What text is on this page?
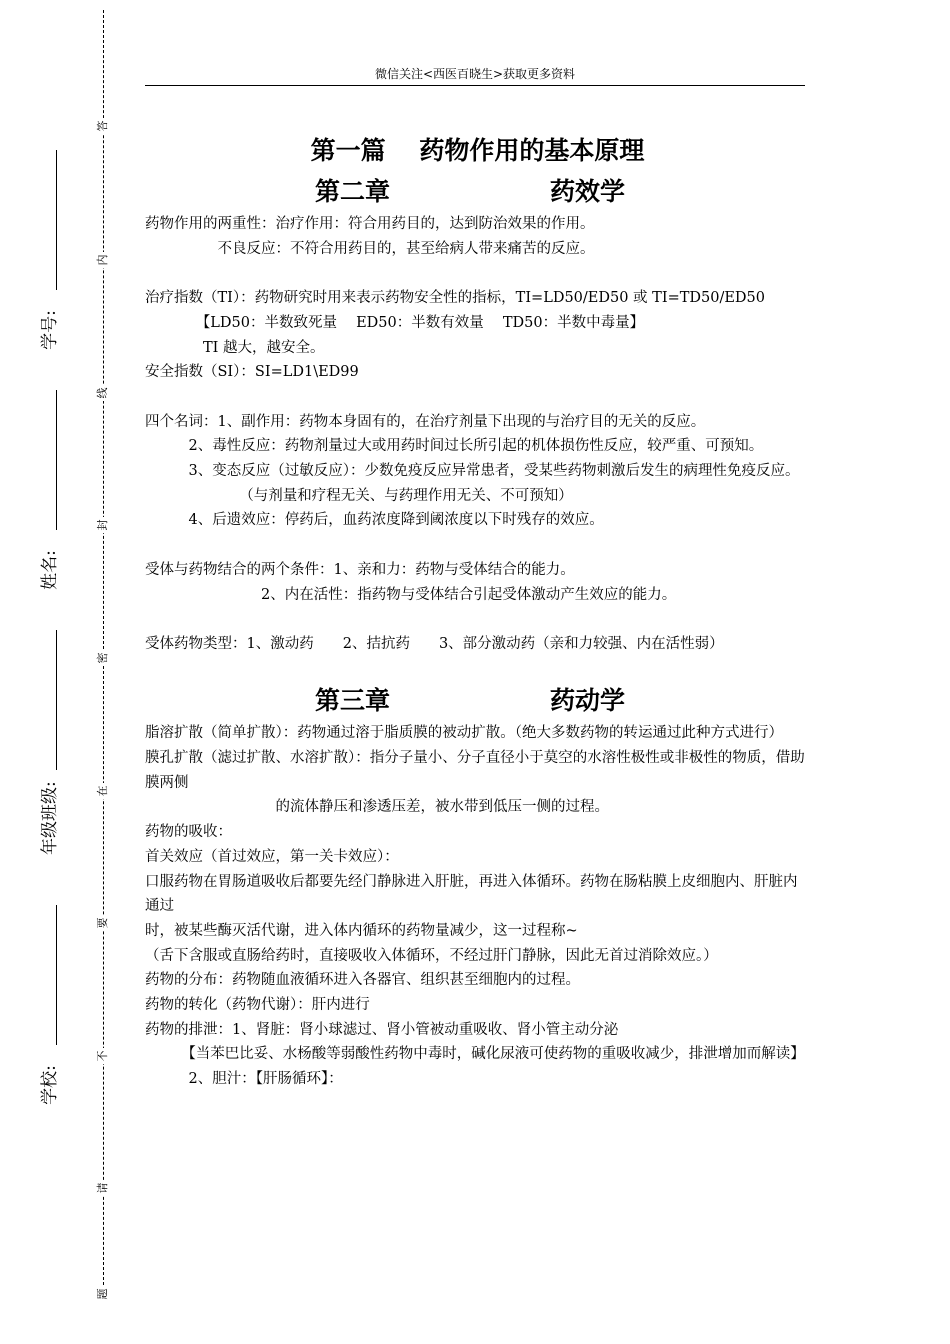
答
内
线
封
密
在
要
不
请
题
学号:
姓名:
年级班级:
学校:
微信关注<西医百晓生>获取更多资料

第一篇　 药物作用的基本原理

第二章	药效学

药物作用的两重性：治疗作用：符合用药目的，达到防治效果的作用。

　　　　　不良反应：不符合用药目的，甚至给病人带来痛苦的反应。

治疗指数（TI）：药物研究时用来表示药物安全性的指标，TI=LD50/ED50 或 TI=TD50/ED50

　　　　【LD50：半数致死量　 ED50：半数有效量　 TD50：半数中毒量】

　　　　TI 越大，越安全。

安全指数（SI）：SI=LD1\ED99

四个名词：1、副作用：药物本身固有的，在治疗剂量下出现的与治疗目的无关的反应。

　　　2、毒性反应：药物剂量过大或用药时间过长所引起的机体损伤性反应，较严重、可预知。

　　　3、变态反应（过敏反应）：少数免疫反应异常患者，受某些药物刺激后发生的病理性免疫反应。

　　　　　　　（与剂量和疗程无关、与药理作用无关、不可预知）

　　　4、后遗效应：停药后，血药浓度降到阈浓度以下时残存的效应。

受体与药物结合的两个条件：1、亲和力：药物与受体结合的能力。

　　　　　　　　2、内在活性：指药物与受体结合引起受体激动产生效应的能力。

受体药物类型：1、激动药　　2、拮抗药　　3、部分激动药（亲和力较强、内在活性弱）

第三章	药动学

脂溶扩散（简单扩散）：药物通过溶于脂质膜的被动扩散。（绝大多数药物的转运通过此种方式进行）

膜孔扩散（滤过扩散、水溶扩散）：指分子量小、分子直径小于莫空的水溶性极性或非极性的物质，借助膜两侧

　　　　　　　　　的流体静压和渗透压差，被水带到低压一侧的过程。

药物的吸收：

首关效应（首过效应，第一关卡效应）：

口服药物在胃肠道吸收后都要先经门静脉进入肝脏，再进入体循环。药物在肠粘膜上皮细胞内、肝脏内通过

时，被某些酶灭活代谢，进入体内循环的药物量减少，这一过程称~

（舌下含服或直肠给药时，直接吸收入体循环，不经过肝门静脉，因此无首过消除效应。）

药物的分布：药物随血液循环进入各器官、组织甚至细胞内的过程。

药物的转化（药物代谢）：肝内进行

药物的排泄：1、肾脏：肾小球滤过、肾小管被动重吸收、肾小管主动分泌

　　　【当苯巴比妥、水杨酸等弱酸性药物中毒时，碱化尿液可使药物的重吸收减少，排泄增加而解读】

　　　2、胆汁：【肝肠循环】：
